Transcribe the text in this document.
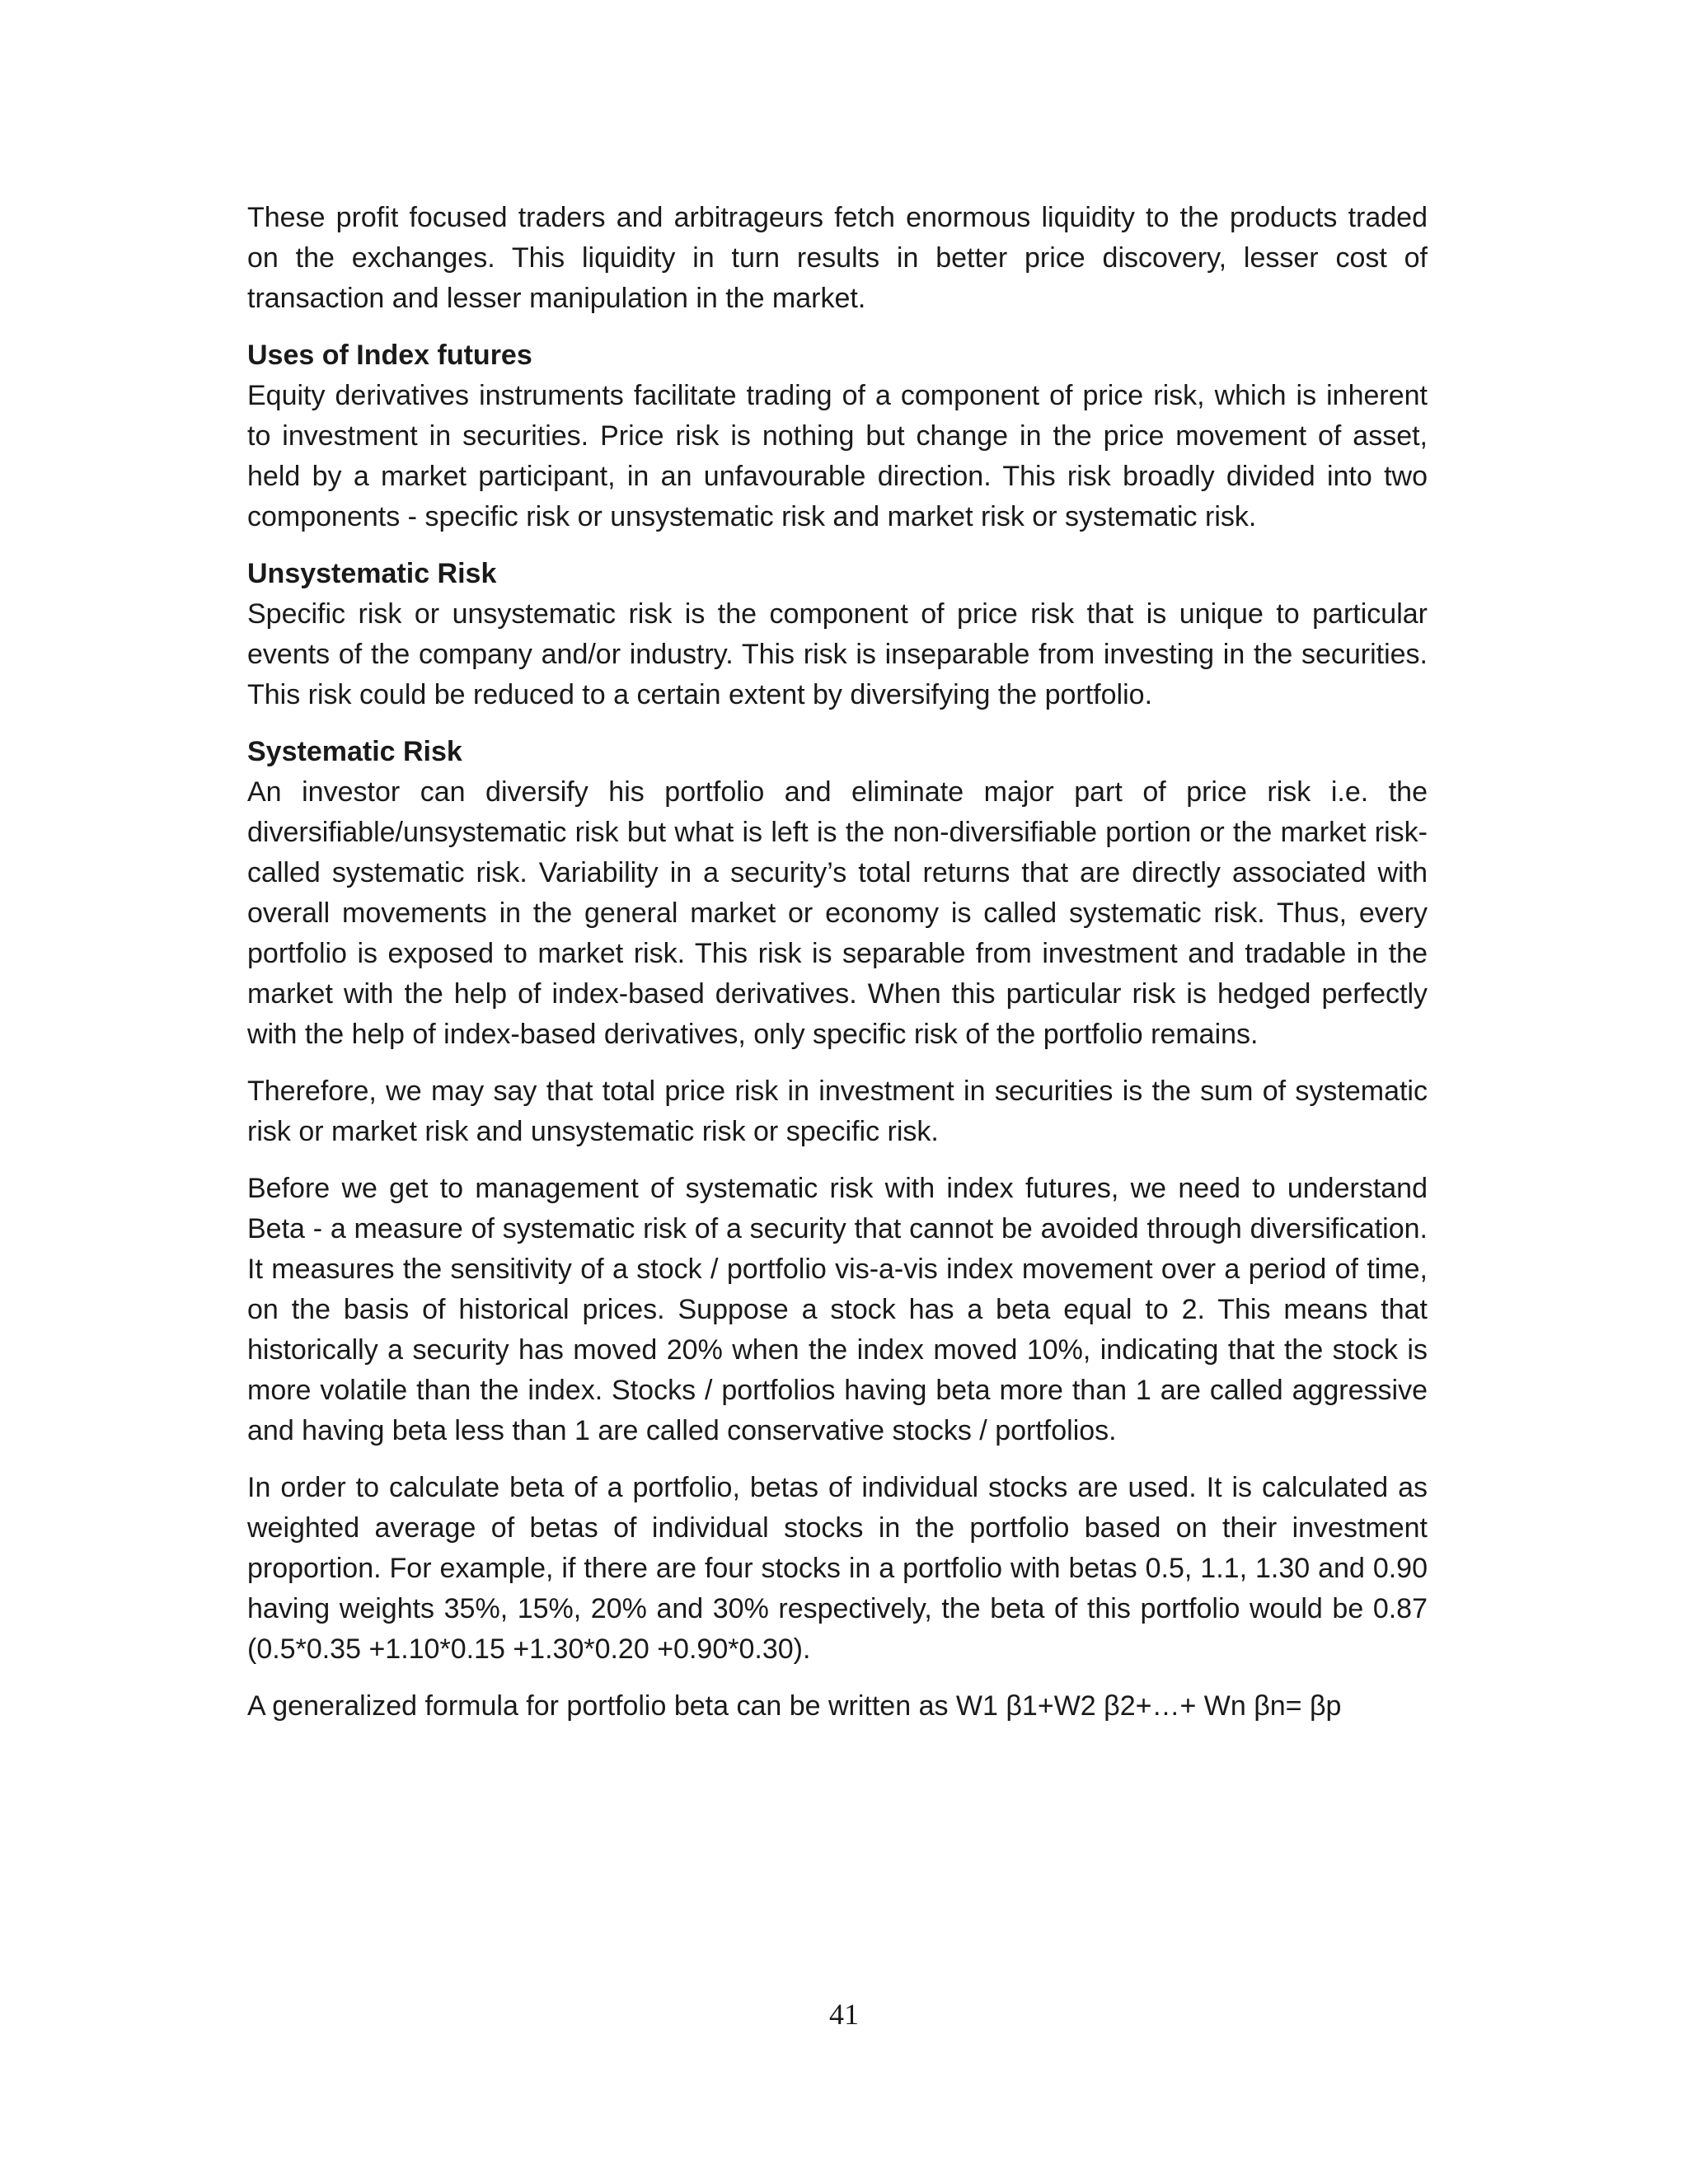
These profit focused traders and arbitrageurs fetch enormous liquidity to the products traded on the exchanges. This liquidity in turn results in better price discovery, lesser cost of transaction and lesser manipulation in the market.

Uses of Index futures
Equity derivatives instruments facilitate trading of a component of price risk, which is inherent to investment in securities. Price risk is nothing but change in the price movement of asset, held by a market participant, in an unfavourable direction. This risk broadly divided into two components - specific risk or unsystematic risk and market risk or systematic risk.
Unsystematic Risk
Specific risk or unsystematic risk is the component of price risk that is unique to particular events of the company and/or industry. This risk is inseparable from investing in the securities. This risk could be reduced to a certain extent by diversifying the portfolio.
Systematic Risk
An investor can diversify his portfolio and eliminate major part of price risk i.e. the diversifiable/unsystematic risk but what is left is the non-diversifiable portion or the market risk-called systematic risk. Variability in a security’s total returns that are directly associated with overall movements in the general market or economy is called systematic risk. Thus, every portfolio is exposed to market risk. This risk is separable from investment and tradable in the market with the help of index-based derivatives. When this particular risk is hedged perfectly with the help of index-based derivatives, only specific risk of the portfolio remains.

Therefore, we may say that total price risk in investment in securities is the sum of systematic risk or market risk and unsystematic risk or specific risk.

Before we get to management of systematic risk with index futures, we need to understand Beta - a measure of systematic risk of a security that cannot be avoided through diversification. It measures the sensitivity of a stock / portfolio vis-a-vis index movement over a period of time, on the basis of historical prices. Suppose a stock has a beta equal to 2. This means that historically a security has moved 20% when the index moved 10%, indicating that the stock is more volatile than the index. Stocks / portfolios having beta more than 1 are called aggressive and having beta less than 1 are called conservative stocks / portfolios.

In order to calculate beta of a portfolio, betas of individual stocks are used. It is calculated as weighted average of betas of individual stocks in the portfolio based on their investment proportion. For example, if there are four stocks in a portfolio with betas 0.5, 1.1, 1.30 and 0.90 having weights 35%, 15%, 20% and 30% respectively, the beta of this portfolio would be 0.87 (0.5*0.35 +1.10*0.15 +1.30*0.20 +0.90*0.30).

A generalized formula for portfolio beta can be written as W1 β1+W2 β2+…+ Wn βn= βp

41
